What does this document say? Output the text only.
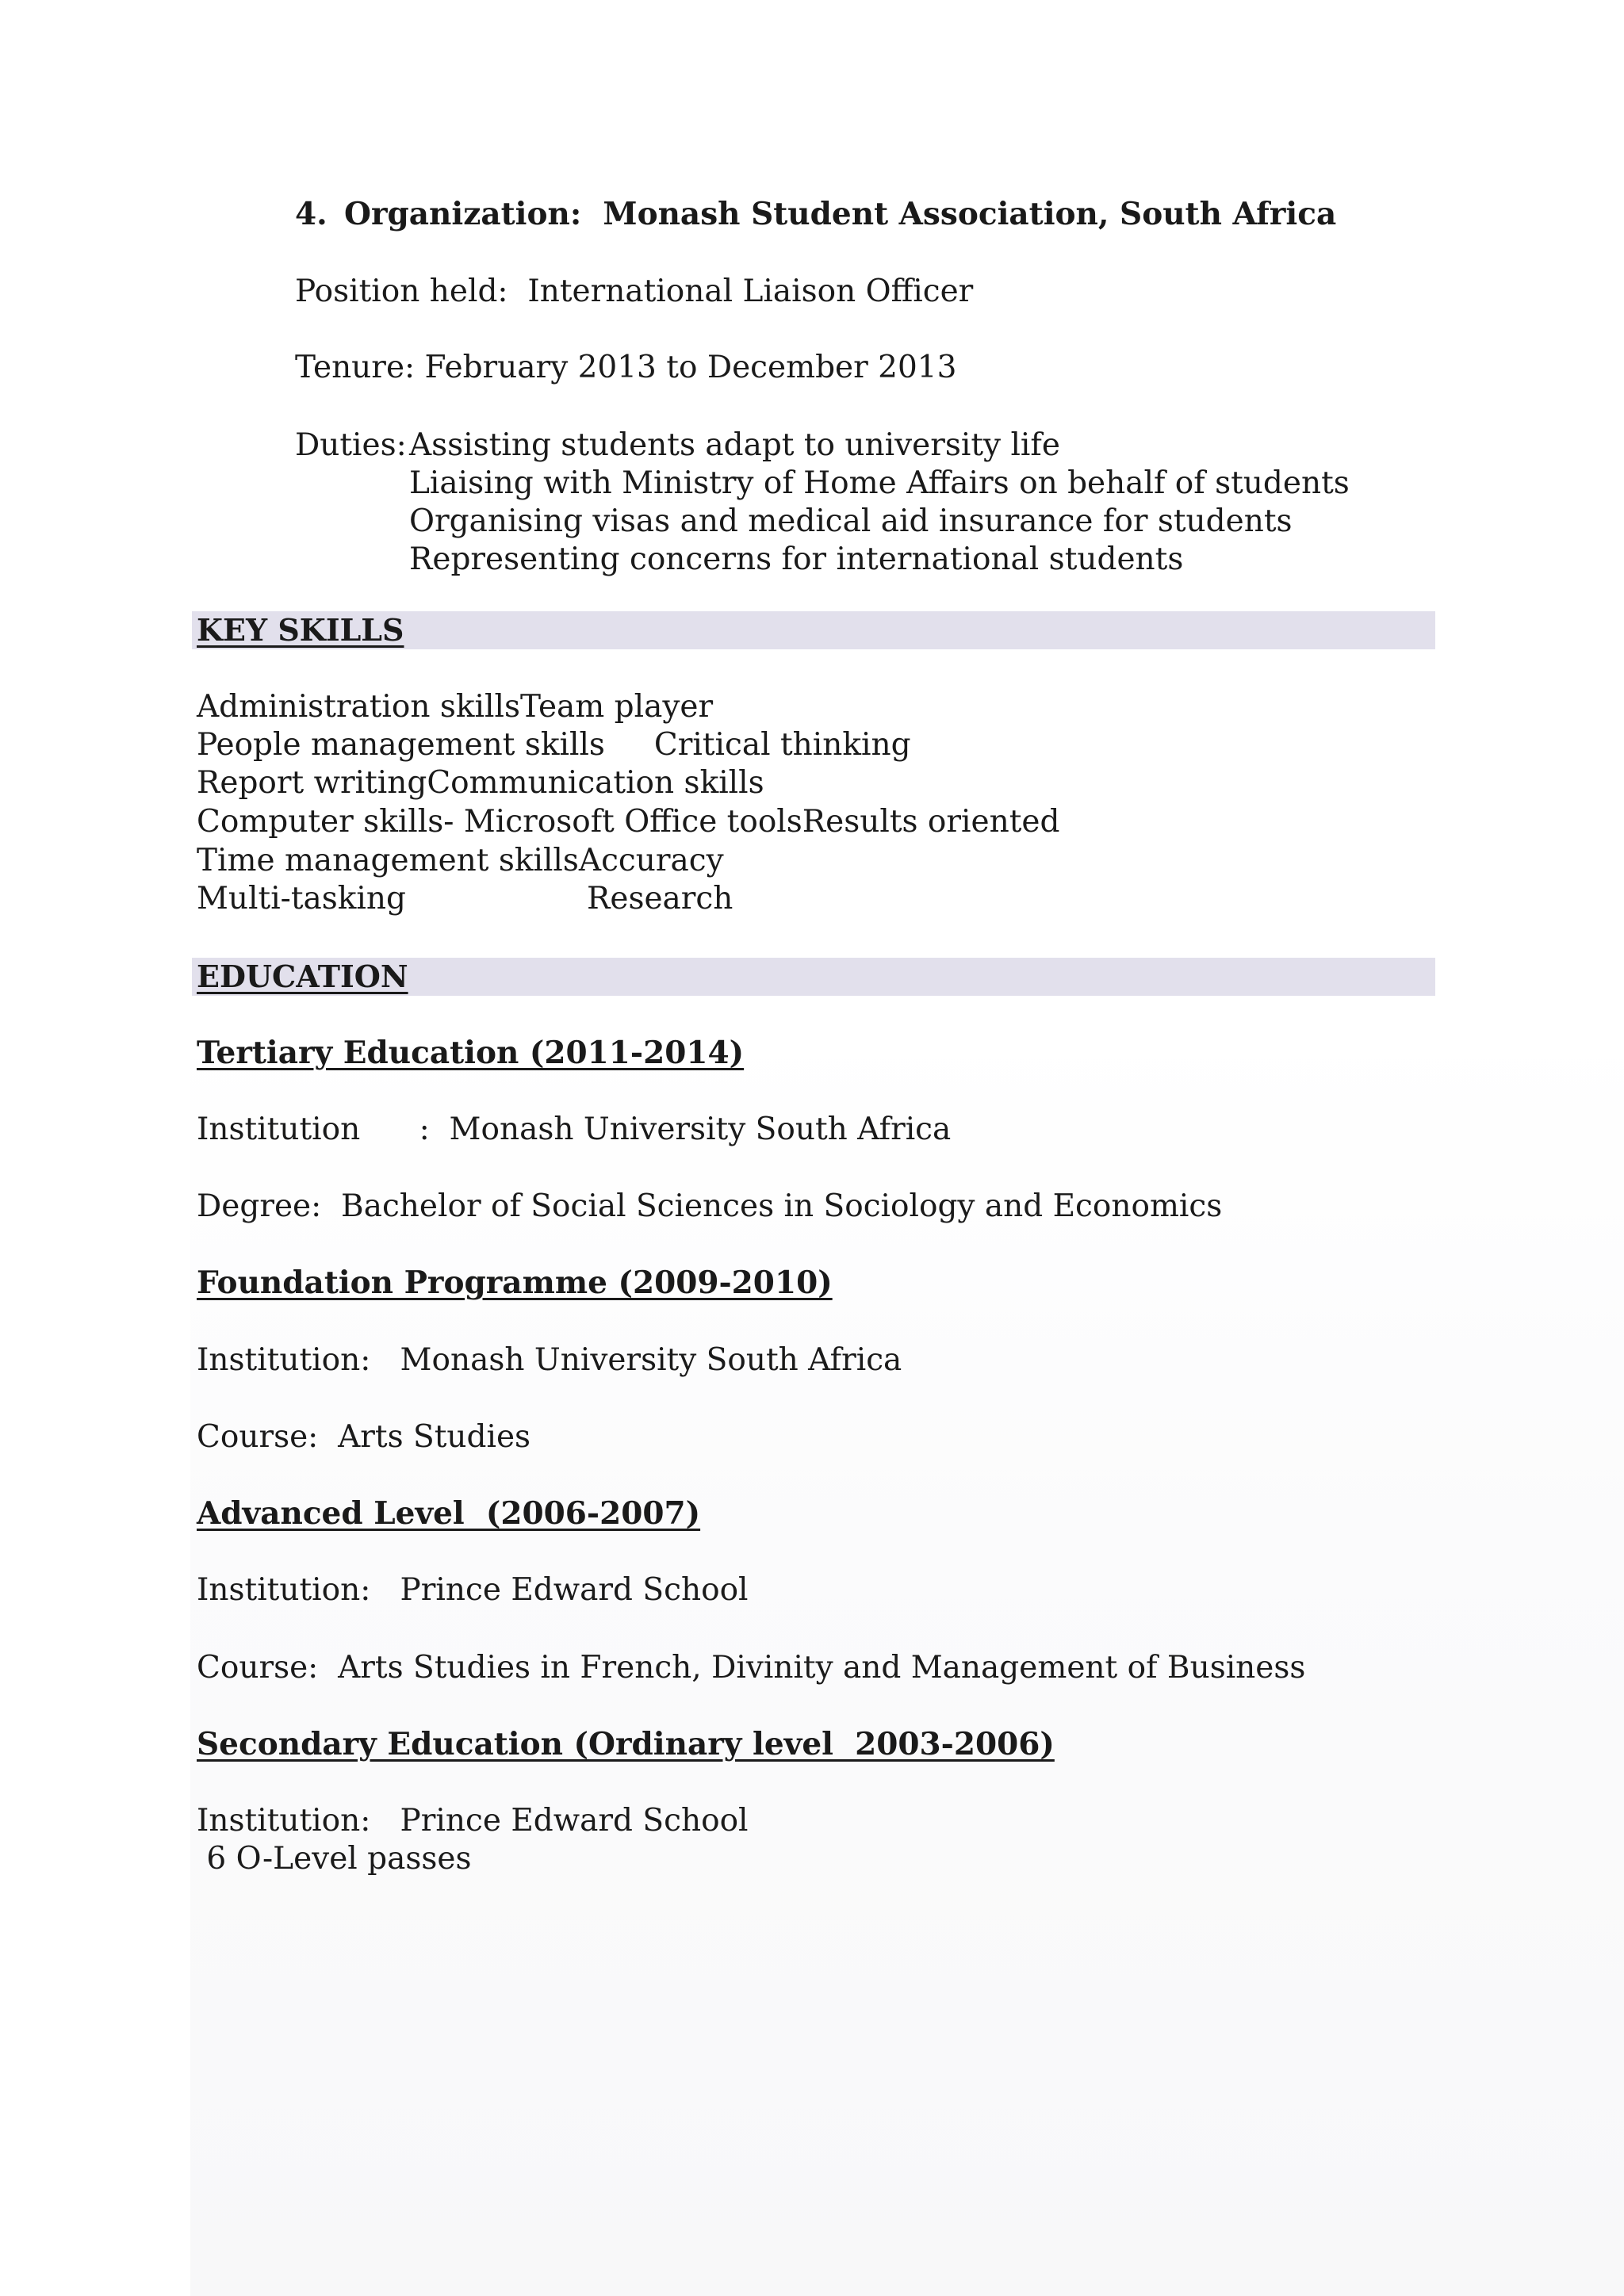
4. Organization:  Monash Student Association, South Africa
Position held:  International Liaison Officer
Tenure: February 2013 to December 2013
Duties: Assisting students adapt to university life
Liaising with Ministry of Home Affairs on behalf of students
Organising visas and medical aid insurance for students
Representing concerns for international students
KEY SKILLS
Administration skillsTeam player
People management skills     Critical thinking
Report writingCommunication skills
Computer skills- Microsoft Office toolsResults oriented
Time management skillsAccuracy
Multi-tasking	Research
EDUCATION
Tertiary Education (2011-2014)
Institution      :  Monash University South Africa
Degree:  Bachelor of Social Sciences in Sociology and Economics
Foundation Programme (2009-2010)
Institution:   Monash University South Africa
Course:  Arts Studies
Advanced Level  (2006-2007)
Institution:   Prince Edward School
Course:  Arts Studies in French, Divinity and Management of Business
Secondary Education (Ordinary level  2003-2006)
Institution:   Prince Edward School
6 O-Level passes
